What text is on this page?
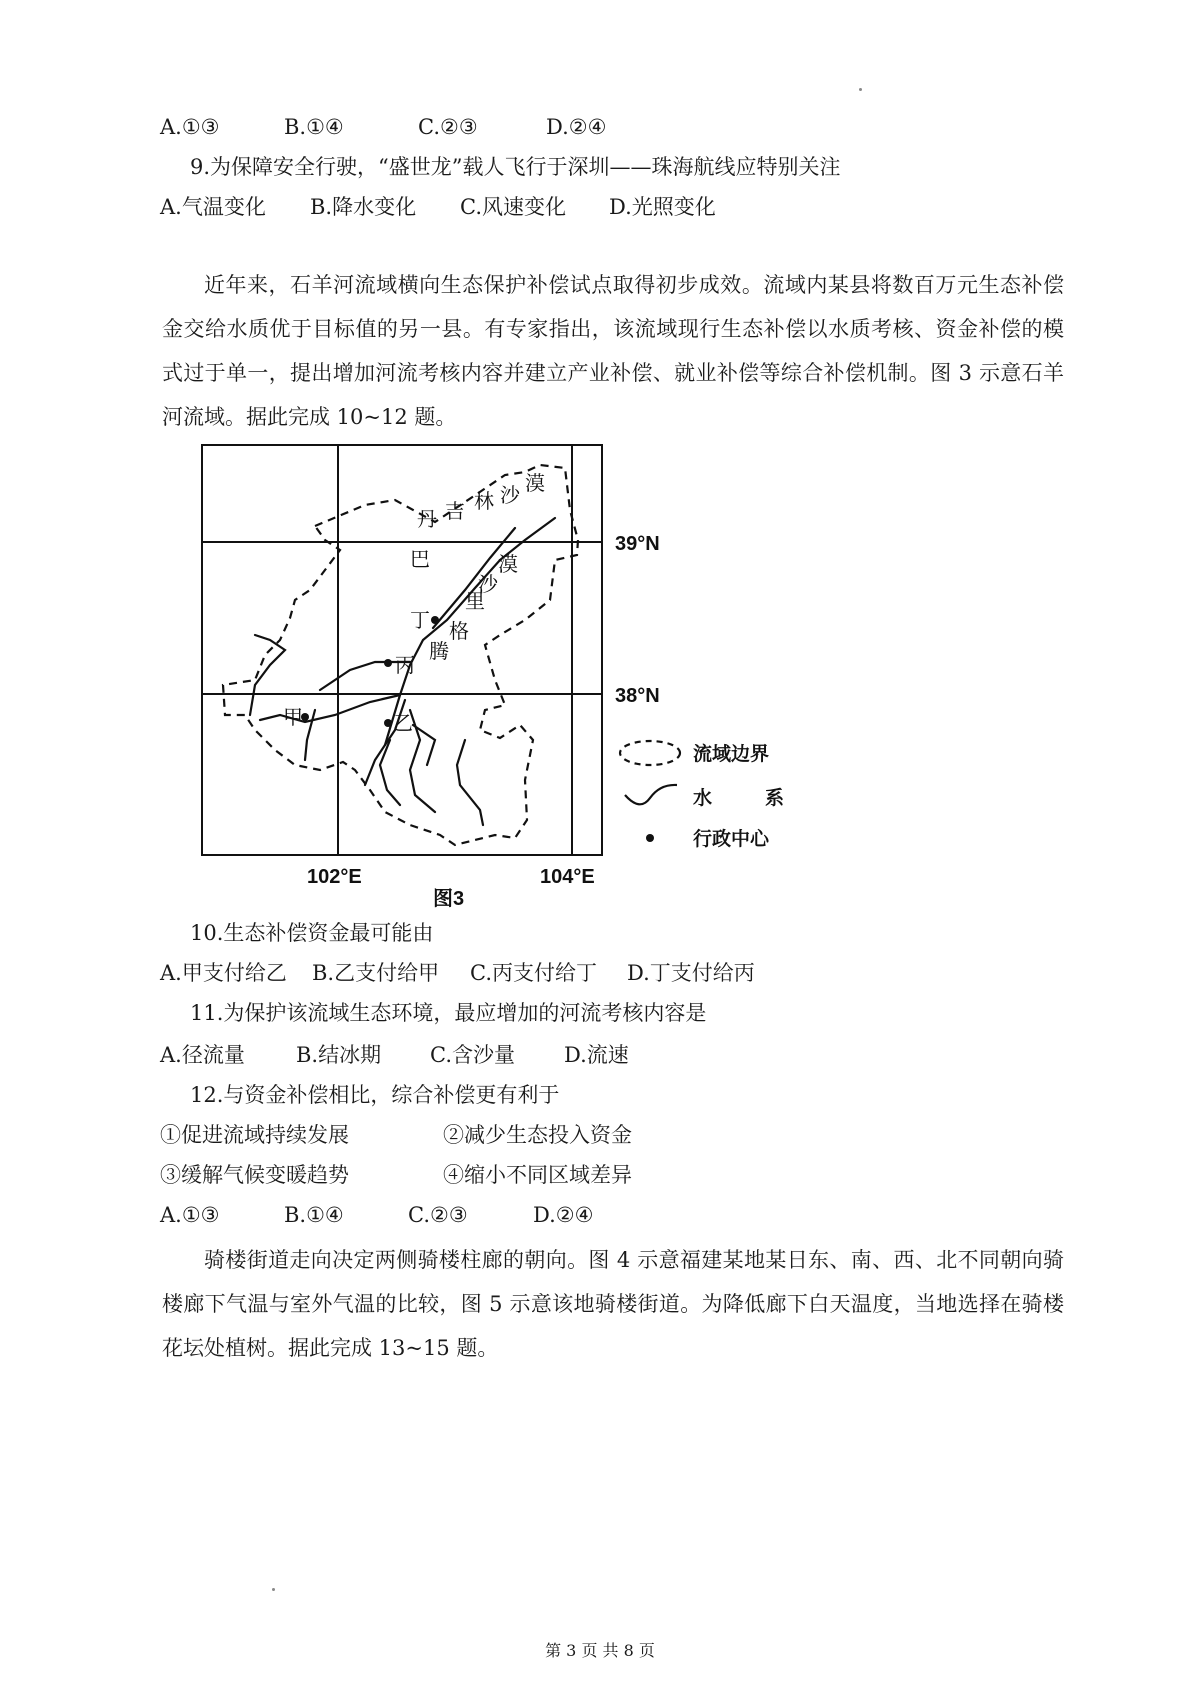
A.①③	B.①④	C.②③	D.②④
9.为保障安全行驶，“盛世龙”载人飞行于深圳——珠海航线应特别关注
A.气温变化 B.降水变化 C.风速变化 D.光照变化
近年来，石羊河流域横向生态保护补偿试点取得初步成效。流域内某县将数百万元生态补偿金交给水质优于目标值的另一县。有专家指出，该流域现行生态补偿以水质考核、资金补偿的模式过于单一，提出增加河流考核内容并建立产业补偿、就业补偿等综合补偿机制。图 3 示意石羊河流域。据此完成 10~12 题。
巴
丹 吉 林 沙 漠
腾
格
里
沙
漠
丁
丙
甲	乙
39°N
38°N
102°E	104°E
图3
流域边界
水	系
行政中心
10.生态补偿资金最可能由
A.甲支付给乙 B.乙支付给甲 C.丙支付给丁 D.丁支付给丙
11.为保护该流域生态环境，最应增加的河流考核内容是
A.径流量 B.结冰期 C.含沙量 D.流速
12.与资金补偿相比，综合补偿更有利于
①促进流域持续发展	②减少生态投入资金
③缓解气候变暖趋势	④缩小不同区域差异
A.①③	B.①④	C.②③	D.②④
骑楼街道走向决定两侧骑楼柱廊的朝向。图 4 示意福建某地某日东、南、西、北不同朝向骑楼廊下气温与室外气温的比较，图 5 示意该地骑楼街道。为降低廊下白天温度，当地选择在骑楼花坛处植树。据此完成 13~15 题。
第 3 页 共 8 页
